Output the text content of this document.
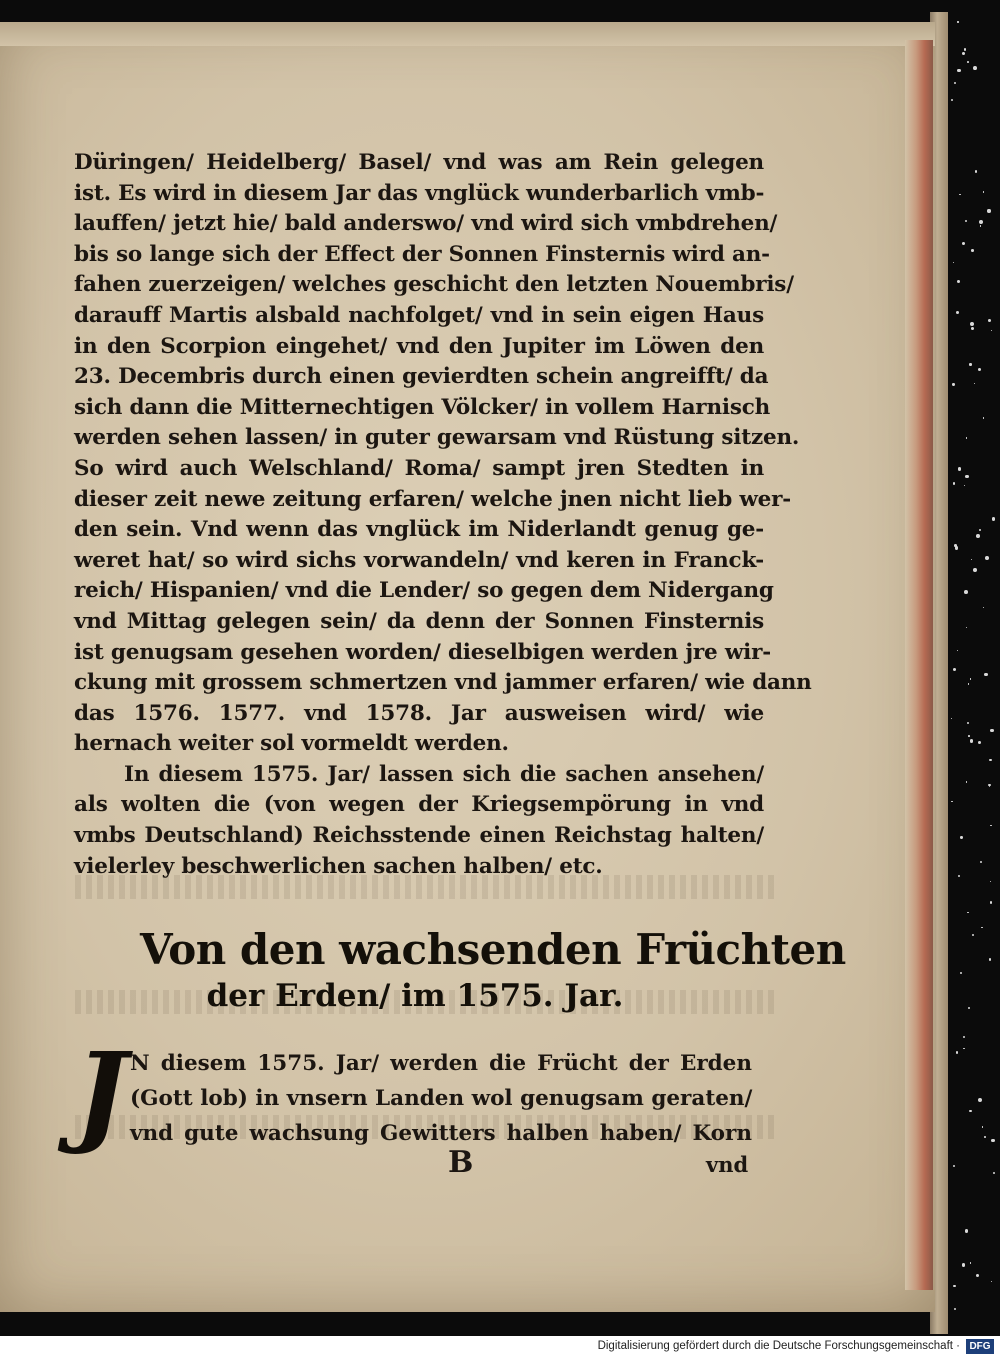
Düringen/ Heidelberg/ Basel/ vnd was am Rein gelegen
ist. Es wird in diesem Jar das vnglück wunderbarlich vmb-
lauffen/ jetzt hie/ bald anderswo/ vnd wird sich vmbdrehen/
bis so lange sich der Effect der Sonnen Finsternis wird an-
fahen zuerzeigen/ welches geschicht den letzten Nouembris/
darauff Martis alsbald nachfolget/ vnd in sein eigen Haus
in den Scorpion eingehet/ vnd den Jupiter im Löwen den
23. Decembris durch einen gevierdten schein angreifft/ da
sich dann die Mitternechtigen Völcker/ in vollem Harnisch
werden sehen lassen/ in guter gewarsam vnd Rüstung sitzen.
So wird auch Welschland/ Roma/ sampt jren Stedten in
dieser zeit newe zeitung erfaren/ welche jnen nicht lieb wer-
den sein. Vnd wenn das vnglück im Niderlandt genug ge-
weret hat/ so wird sichs vorwandeln/ vnd keren in Franck-
reich/ Hispanien/ vnd die Lender/ so gegen dem Nidergang
vnd Mittag gelegen sein/ da denn der Sonnen Finsternis
ist genugsam gesehen worden/ dieselbigen werden jre wir-
ckung mit grossem schmertzen vnd jammer erfaren/ wie dann
das 1576. 1577. vnd 1578. Jar ausweisen wird/ wie
hernach weiter sol vormeldt werden.
In diesem 1575. Jar/ lassen sich die sachen ansehen/
als wolten die (von wegen der Kriegsempörung in vnd
vmbs Deutschland) Reichsstende einen Reichstag halten/
vielerley beschwerlichen sachen halben/ etc.
Von den wachsenden Früchten
der Erden/ im 1575. Jar.
J N diesem 1575. Jar/ werden die Frücht der Erden
(Gott lob) in vnsern Landen wol genugsam geraten/
vnd gute wachsung Gewitters halben haben/ Korn
B	vnd
Digitalisierung gefördert durch die Deutsche Forschungsgemeinschaft · DFG
